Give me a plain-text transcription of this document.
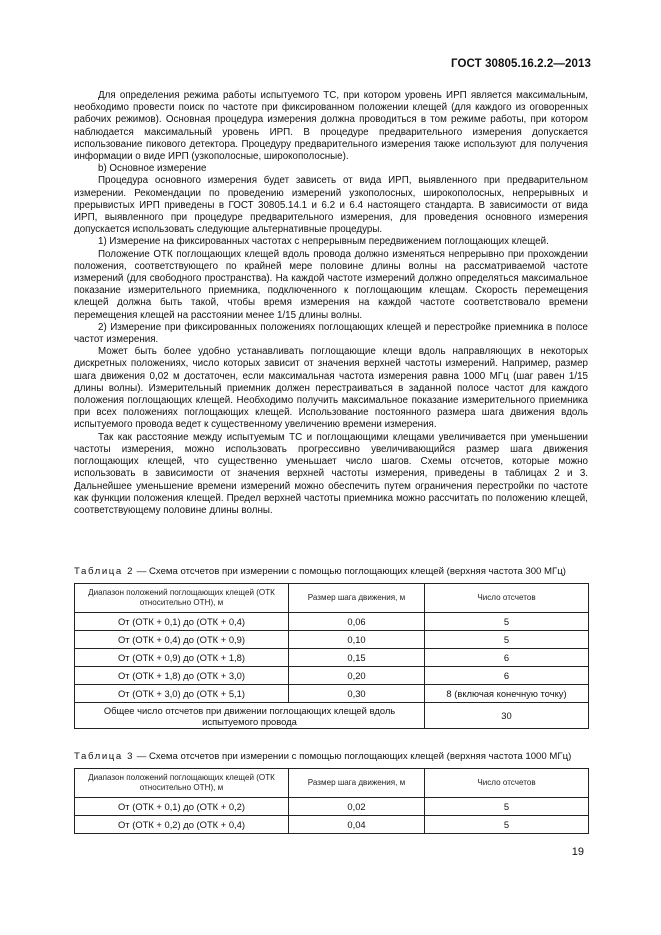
ГОСТ 30805.16.2.2—2013

Для определения режима работы испытуемого ТС, при котором уровень ИРП является максимальным, необходимо провести поиск по частоте при фиксированном положении клещей (для каждого из оговоренных рабочих режимов). Основная процедура измерения должна проводиться в том режиме работы, при котором наблюдается максимальный уровень ИРП. В процедуре предварительного измерения допускается использование пикового детектора. Процедуру предварительного измерения также используют для получения информации о виде ИРП (узкополосные, широкополосные).

b) Основное измерение

Процедура основного измерения будет зависеть от вида ИРП, выявленного при предварительном измерении. Рекомендации по проведению измерений узкополосных, широкополосных, непрерывных и прерывистых ИРП приведены в ГОСТ 30805.14.1 и 6.2 и 6.4 настоящего стандарта. В зависимости от вида ИРП, выявленного при процедуре предварительного измерения, для проведения основного измерения допускается использовать следующие альтернативные процедуры.

1) Измерение на фиксированных частотах с непрерывным передвижением поглощающих клещей.

Положение ОТК поглощающих клещей вдоль провода должно изменяться непрерывно при прохождении положения, соответствующего по крайней мере половине длины волны на рассматриваемой частоте измерений (для свободного пространства). На каждой частоте измерений должно определяться максимальное показание измерительного приемника, подключенного к поглощающим клещам. Скорость перемещения клещей должна быть такой, чтобы время измерения на каждой частоте соответствовало времени перемещения клещей на расстоянии менее 1/15 длины волны.

2) Измерение при фиксированных положениях поглощающих клещей и перестройке приемника в полосе частот измерения.

Может быть более удобно устанавливать поглощающие клещи вдоль направляющих в некоторых дискретных положениях, число которых зависит от значения верхней частоты измерений. Например, размер шага движения 0,02 м достаточен, если максимальная частота измерения равна 1000 МГц (шаг равен 1/15 длины волны). Измерительный приемник должен перестраиваться в заданной полосе частот для каждого положения поглощающих клещей. Необходимо получить максимальное показание измерительного приемника при всех положениях поглощающих клещей. Использование постоянного размера шага движения вдоль испытуемого провода ведет к существенному увеличению времени измерения.

Так как расстояние между испытуемым ТС и поглощающими клещами увеличивается при уменьшении частоты измерения, можно использовать прогрессивно увеличивающийся размер шага движения поглощающих клещей, что существенно уменьшает число шагов. Схемы отсчетов, которые можно использовать в зависимости от значения верхней частоты измерения, приведены в таблицах 2 и 3. Дальнейшее уменьшение времени измерений можно обеспечить путем ограничения перестройки по частоте как функции положения клещей. Предел верхней частоты приемника можно рассчитать по положению клещей, соответствующему половине длины волны.

Таблица 2 — Схема отсчетов при измерении с помощью поглощающих клещей (верхняя частота 300 МГц)
Диапазон положений поглощающих клещей (ОТК относительно ОТН), м	Размер шага движения, м	Число отсчетов
От (ОТК + 0,1) до (ОТК + 0,4)	0,06	5
От (ОТК + 0,4) до (ОТК + 0,9)	0,10	5
От (ОТК + 0,9) до (ОТК + 1,8)	0,15	6
От (ОТК + 1,8) до (ОТК + 3,0)	0,20	6
От (ОТК + 3,0) до (ОТК + 5,1)	0,30	8 (включая конечную точку)
Общее число отсчетов при движении поглощающих клещей вдоль испытуемого провода		30
Таблица 3 — Схема отсчетов при измерении с помощью поглощающих клещей (верхняя частота 1000 МГц)
Диапазон положений поглощающих клещей (ОТК относительно ОТН), м	Размер шага движения, м	Число отсчетов
От (ОТК + 0,1) до (ОТК + 0,2)	0,02	5
От (ОТК + 0,2) до (ОТК + 0,4)	0,04	5
19
